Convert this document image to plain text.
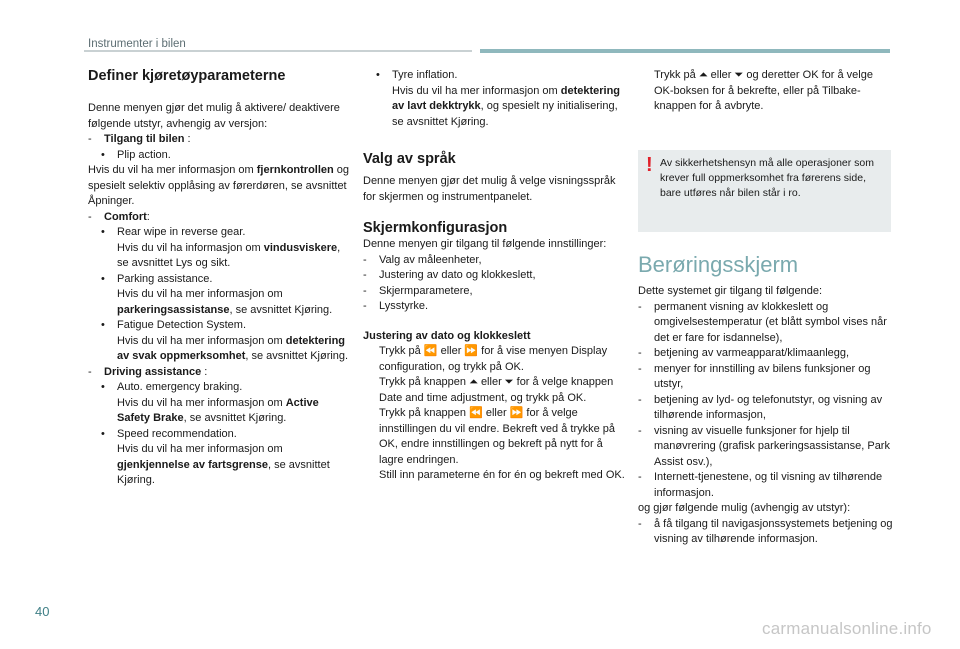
Instrumenter i bilen
Definer kjøretøyparameterne
Denne menyen gjør det mulig å aktivere/ deaktivere følgende utstyr, avhengig av versjon:
-	Tilgang til bilen :
•	Plip action.
Hvis du vil ha mer informasjon om fjernkontrollen og spesielt selektiv opplåsing av førerdøren, se avsnittet Åpninger.
-	Comfort:
•	Rear wipe in reverse gear.
Hvis du vil ha informasjon om vindusviskere, se avsnittet Lys og sikt.
•	Parking assistance.
Hvis du vil ha mer informasjon om parkeringsassistanse, se avsnittet Kjøring.
•	Fatigue Detection System.
Hvis du vil ha mer informasjon om detektering av svak oppmerksomhet, se avsnittet Kjøring.
-	Driving assistance :
•	Auto. emergency braking.
Hvis du vil ha mer informasjon om Active Safety Brake, se avsnittet Kjøring.
•	Speed recommendation.
Hvis du vil ha mer informasjon om gjenkjennelse av fartsgrense, se avsnittet Kjøring.
•	Tyre inflation.
Hvis du vil ha mer informasjon om detektering av lavt dekktrykk, og spesielt ny initialisering, se avsnittet Kjøring.
Valg av språk
Denne menyen gjør det mulig å velge visningsspråk for skjermen og instrumentpanelet.
Skjermkonfigurasjon
Denne menyen gir tilgang til følgende innstillinger:
-	Valg av måleenheter,
-	Justering av dato og klokkeslett,
-	Skjermparametere,
-	Lysstyrke.
Justering av dato og klokkeslett
Trykk på ⏪ eller ⏩ for å vise menyen Display configuration, og trykk på OK.
Trykk på knappen ⏶ eller ⏷ for å velge knappen Date and time adjustment, og trykk på OK.
Trykk på knappen ⏪ eller ⏩ for å velge innstillingen du vil endre. Bekreft ved å trykke på OK, endre innstillingen og bekreft på nytt for å lagre endringen.
Still inn parameterne én for én og bekreft med OK.
Trykk på ⏶ eller ⏷ og deretter OK for å velge OK-boksen for å bekrefte, eller på Tilbake-knappen for å avbryte.
! Av sikkerhetshensyn må alle operasjoner som krever full oppmerksomhet fra førerens side, bare utføres når bilen står i ro.
Berøringsskjerm
Dette systemet gir tilgang til følgende:
-	permanent visning av klokkeslett og omgivelsestemperatur (et blått symbol vises når det er fare for isdannelse),
-	betjening av varmeapparat/klimaanlegg,
-	menyer for innstilling av bilens funksjoner og utstyr,
-	betjening av lyd- og telefonutstyr, og visning av tilhørende informasjon,
-	visning av visuelle funksjoner for hjelp til manøvrering (grafisk parkeringsassistanse, Park Assist osv.),
-	Internett-tjenestene, og til visning av tilhørende informasjon.
og gjør følgende mulig (avhengig av utstyr):
-	å få tilgang til navigasjonssystemets betjening og visning av tilhørende informasjon.
40
carmanualsonline.info
